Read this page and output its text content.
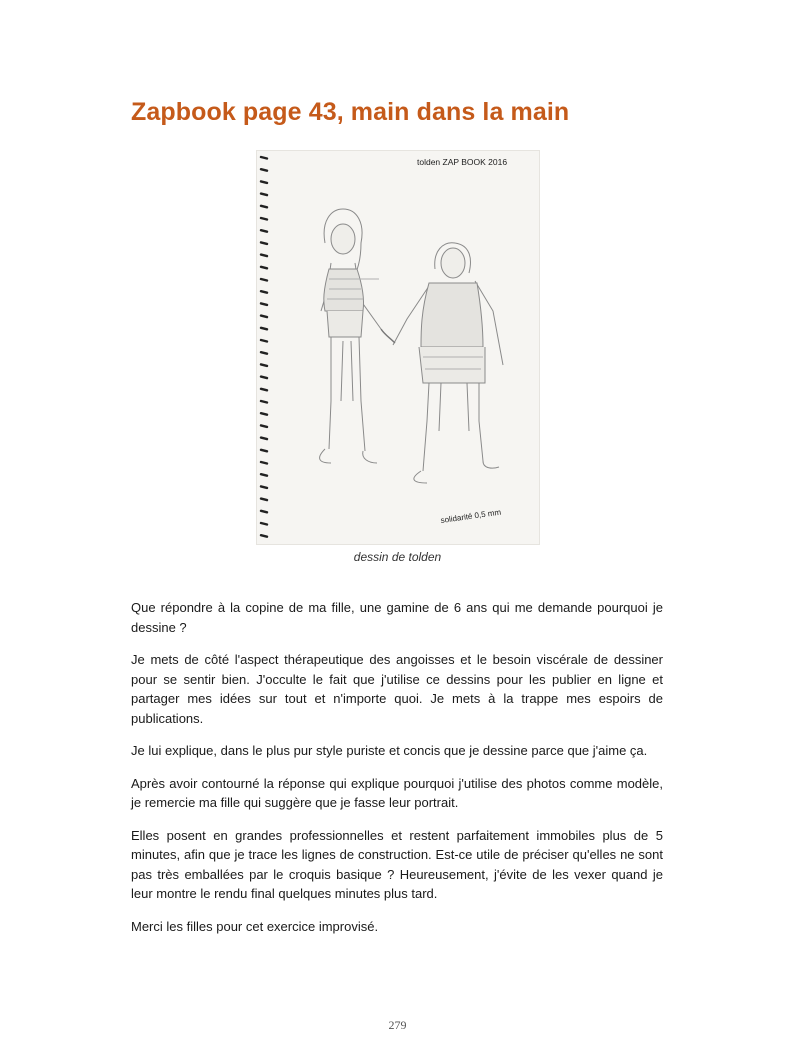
Zapbook page 43, main dans la main
tolden ZAP BOOK 2016
solidarité 0,5 mm
dessin de tolden

Que répondre à la copine de ma fille, une gamine de 6 ans qui me demande pourquoi je dessine ?

Je mets de côté l'aspect thérapeutique des angoisses et le besoin viscérale de dessiner pour se sentir bien. J'occulte le fait que j'utilise ce dessins pour les publier en ligne et partager mes idées sur tout et n'importe quoi. Je mets à la trappe mes espoirs de publications.

Je lui explique, dans le plus pur style puriste et concis que je dessine parce que j'aime ça.

Après avoir contourné la réponse qui explique pourquoi j'utilise des photos comme modèle, je remercie ma fille qui suggère que je fasse leur portrait.

Elles posent en grandes professionnelles et restent parfaitement immobiles plus de 5 minutes, afin que je trace les lignes de construction. Est-ce utile de préciser qu'elles ne sont pas très emballées par le croquis basique ? Heureusement, j'évite de les vexer quand je leur montre le rendu final quelques minutes plus tard.

Merci les filles pour cet exercice improvisé.

279
